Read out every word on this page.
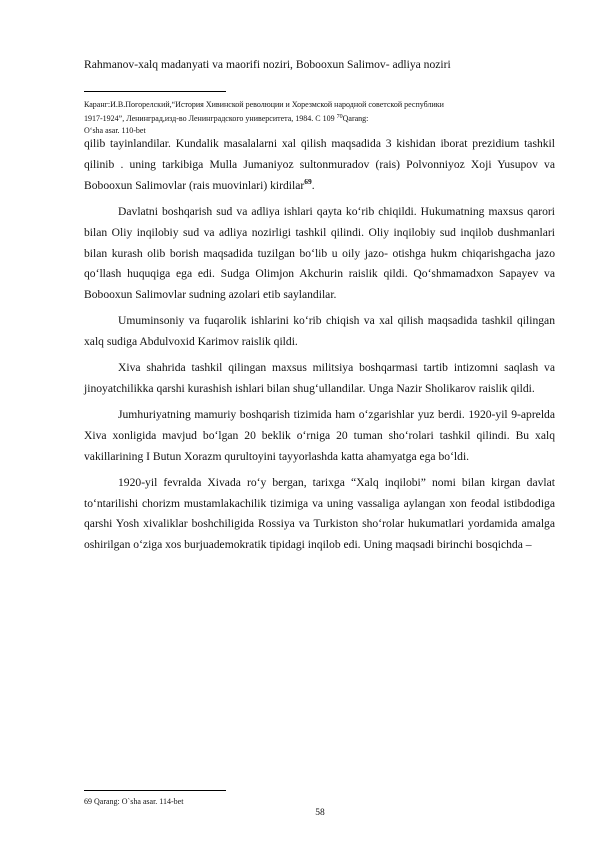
Rahmanov-xalq madanyati va maorifi noziri, Bobooxun Salimov- adliya noziri
Каранг:И.В.Погорелский,“История Хивинской революции и Хорезмской народной советской республики
1917-1924”, Ленинград,изд-во Ленинградского университета, 1984. С 109 $^{70}$Qarang:
O‘sha asar. 110-bet

qilib tayinlandilar. Kundalik masalalarni xal qilish maqsadida 3 kishidan iborat prezidium tashkil qilinib . uning tarkibiga Mulla Jumaniyoz sultonmuradov (rais) Polvonniyoz Xoji Yusupov va Bobooxun Salimovlar (rais muovinlari) kirdilar$^{69}$.

Davlatni boshqarish sud va adliya ishlari qayta ko‘rib chiqildi. Hukumatning maxsus qarori bilan Oliy inqilobiy sud va adliya nozirligi tashkil qilindi. Oliy inqilobiy sud inqilob dushmanlari bilan kurash olib borish maqsadida tuzilgan bo‘lib u oily jazo- otishga hukm chiqarishgacha jazo qo‘llash huquqiga ega edi. Sudga Olimjon Akchurin raislik qildi. Qo‘shmamadxon Sapayev va Bobooxun Salimovlar sudning azolari etib saylandilar.

Umuminsoniy va fuqarolik ishlarini ko‘rib chiqish va xal qilish maqsadida tashkil qilingan xalq sudiga Abdulvoxid Karimov raislik qildi.

Xiva shahrida tashkil qilingan maxsus militsiya boshqarmasi tartib intizomni saqlash va jinoyatchilikka qarshi kurashish ishlari bilan shug‘ullandilar. Unga Nazir Sholikarov raislik qildi.

Jumhuriyatning mamuriy boshqarish tizimida ham o‘zgarishlar yuz berdi. 1920-yil 9-aprelda Xiva xonligida mavjud bo‘lgan 20 beklik o‘rniga 20 tuman sho‘rolari tashkil qilindi. Bu xalq vakillarining I Butun Xorazm qurultoyini tayyorlashda katta ahamyatga ega bo‘ldi.

1920-yil fevralda Xivada ro‘y bergan, tarixga “Xalq inqilobi” nomi bilan kirgan davlat to‘ntarilishi chorizm mustamlakachilik tizimiga va uning vassaliga aylangan xon feodal istibdodiga qarshi Yosh xivaliklar boshchiligida Rossiya va Turkiston sho‘rolar hukumatlari yordamida amalga oshirilgan o‘ziga xos burjuademokratik tipidagi inqilob edi. Uning maqsadi birinchi bosqichda –

69 Qarang: O`sha asar. 114-bet
58
